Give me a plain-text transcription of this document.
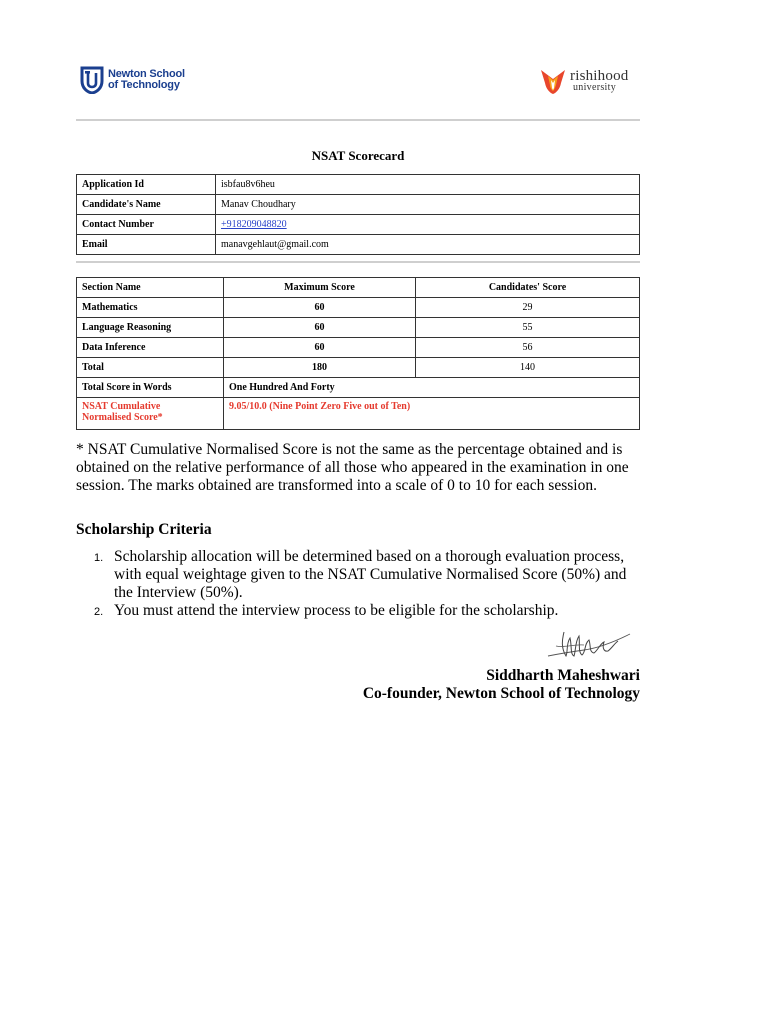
Newton School
of Technology
rishihood
university
NSAT Scorecard
Application Id	isbfau8v6heu
Candidate's Name	Manav Choudhary
Contact Number	+918209048820
Email	manavgehlaut@gmail.com
Section Name	Maximum Score	Candidates' Score
Mathematics	60	29
Language Reasoning	60	55
Data Inference	60	56
Total	180	140
Total Score in Words	One Hundred And Forty	

NSAT Cumulative
Normalised Score*	9.05/10.0 (Nine Point Zero Five out of Ten)	
* NSAT Cumulative Normalised Score is not the same as the percentage obtained and is obtained on the relative performance of all those who appeared in the examination in one session. The marks obtained are transformed into a scale of 0 to 10 for each session.
Scholarship Criteria
1. Scholarship allocation will be determined based on a thorough evaluation process, with equal weightage given to the NSAT Cumulative Normalised Score (50%) and the Interview (50%).
2. You must attend the interview process to be eligible for the scholarship.
Siddharth Maheshwari
Co-founder, Newton School of Technology
